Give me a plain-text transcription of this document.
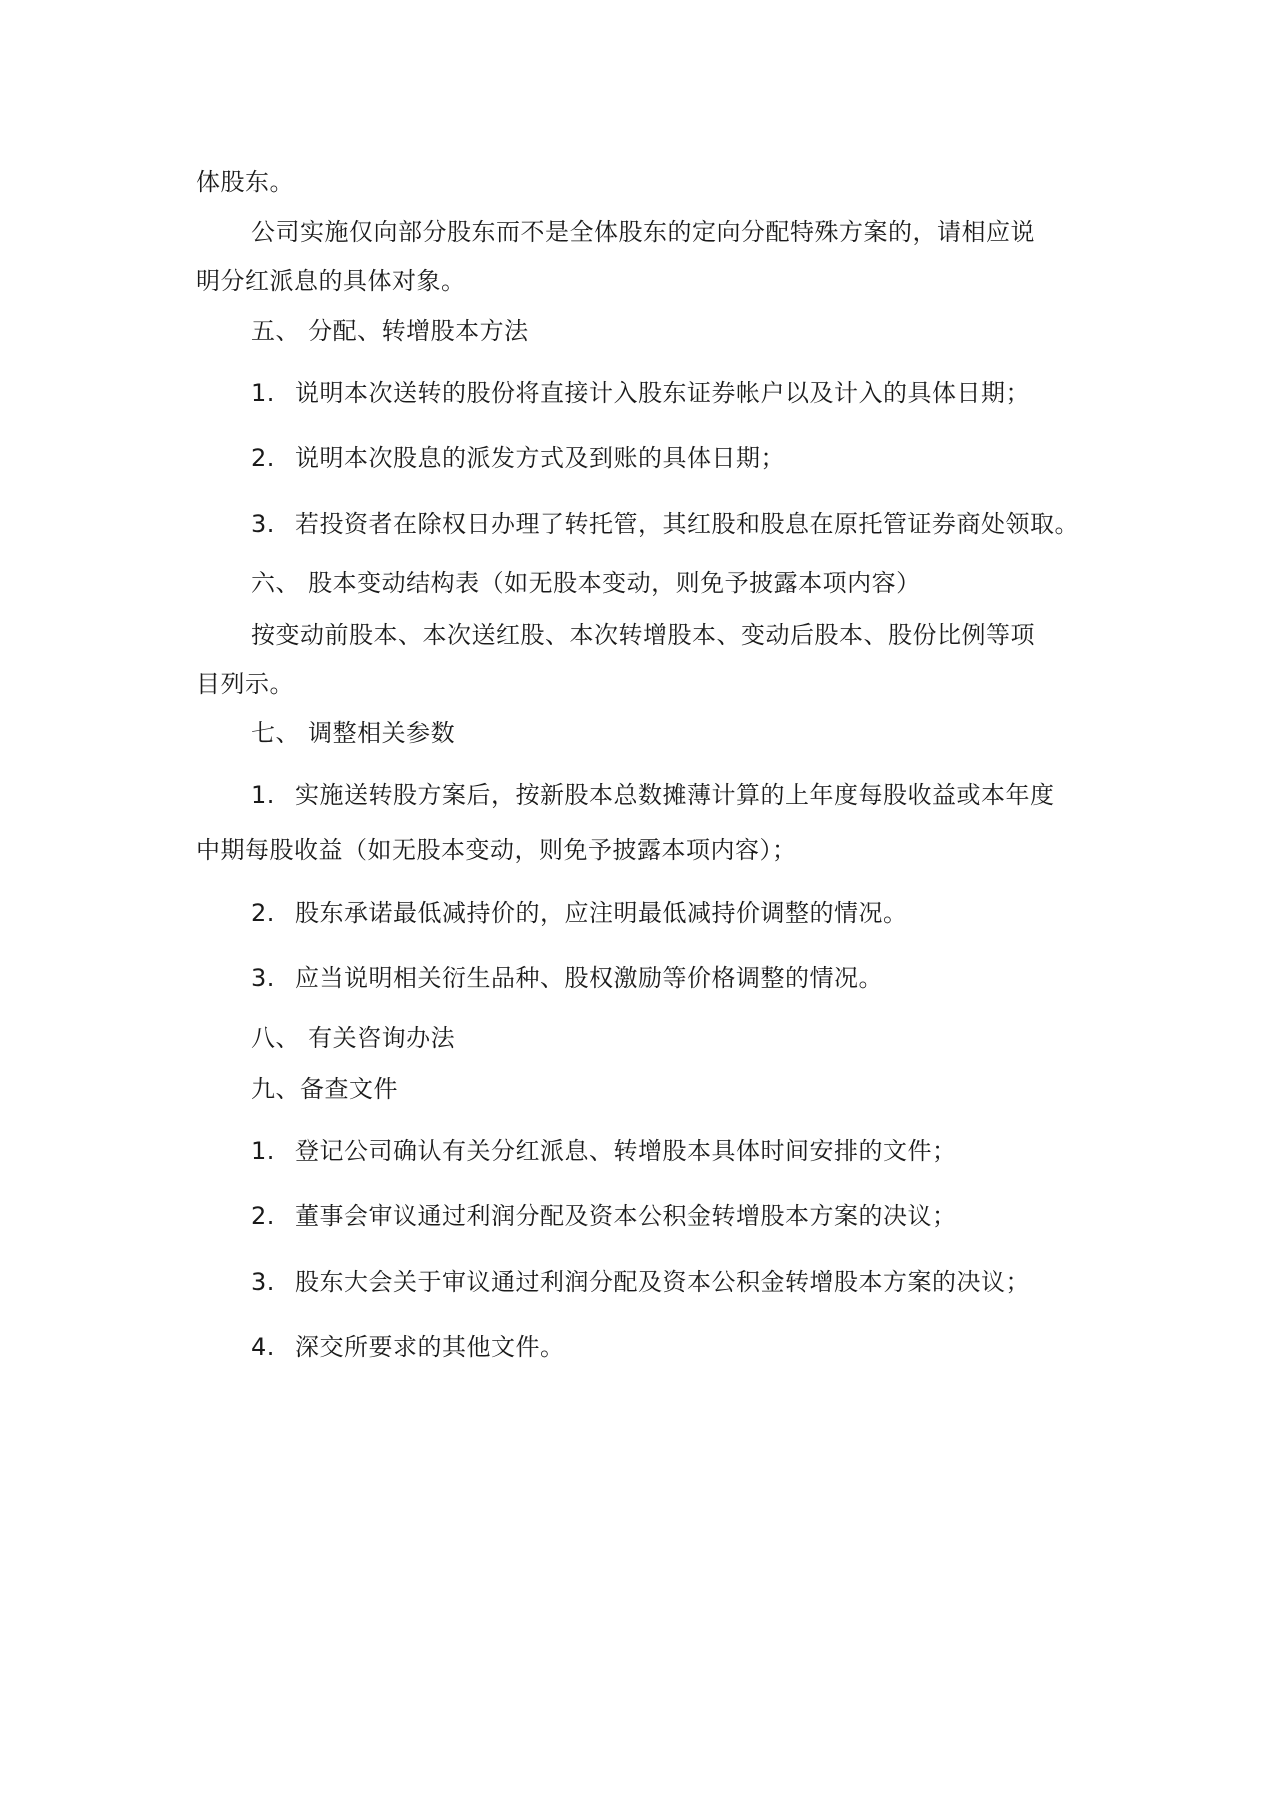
体股东。
公司实施仅向部分股东而不是全体股东的定向分配特殊方案的，请相应说
明分红派息的具体对象。
五、 分配、转增股本方法
1. 说明本次送转的股份将直接计入股东证券帐户以及计入的具体日期；
2. 说明本次股息的派发方式及到账的具体日期；
3. 若投资者在除权日办理了转托管，其红股和股息在原托管证券商处领取。
六、 股本变动结构表（如无股本变动，则免予披露本项内容）
按变动前股本、本次送红股、本次转增股本、变动后股本、股份比例等项
目列示。
七、 调整相关参数
1. 实施送转股方案后，按新股本总数摊薄计算的上年度每股收益或本年度
中期每股收益（如无股本变动，则免予披露本项内容）；
2. 股东承诺最低减持价的，应注明最低减持价调整的情况。
3. 应当说明相关衍生品种、股权激励等价格调整的情况。
八、 有关咨询办法
九、备查文件
1. 登记公司确认有关分红派息、转增股本具体时间安排的文件；
2. 董事会审议通过利润分配及资本公积金转增股本方案的决议；
3. 股东大会关于审议通过利润分配及资本公积金转增股本方案的决议；
4. 深交所要求的其他文件。
